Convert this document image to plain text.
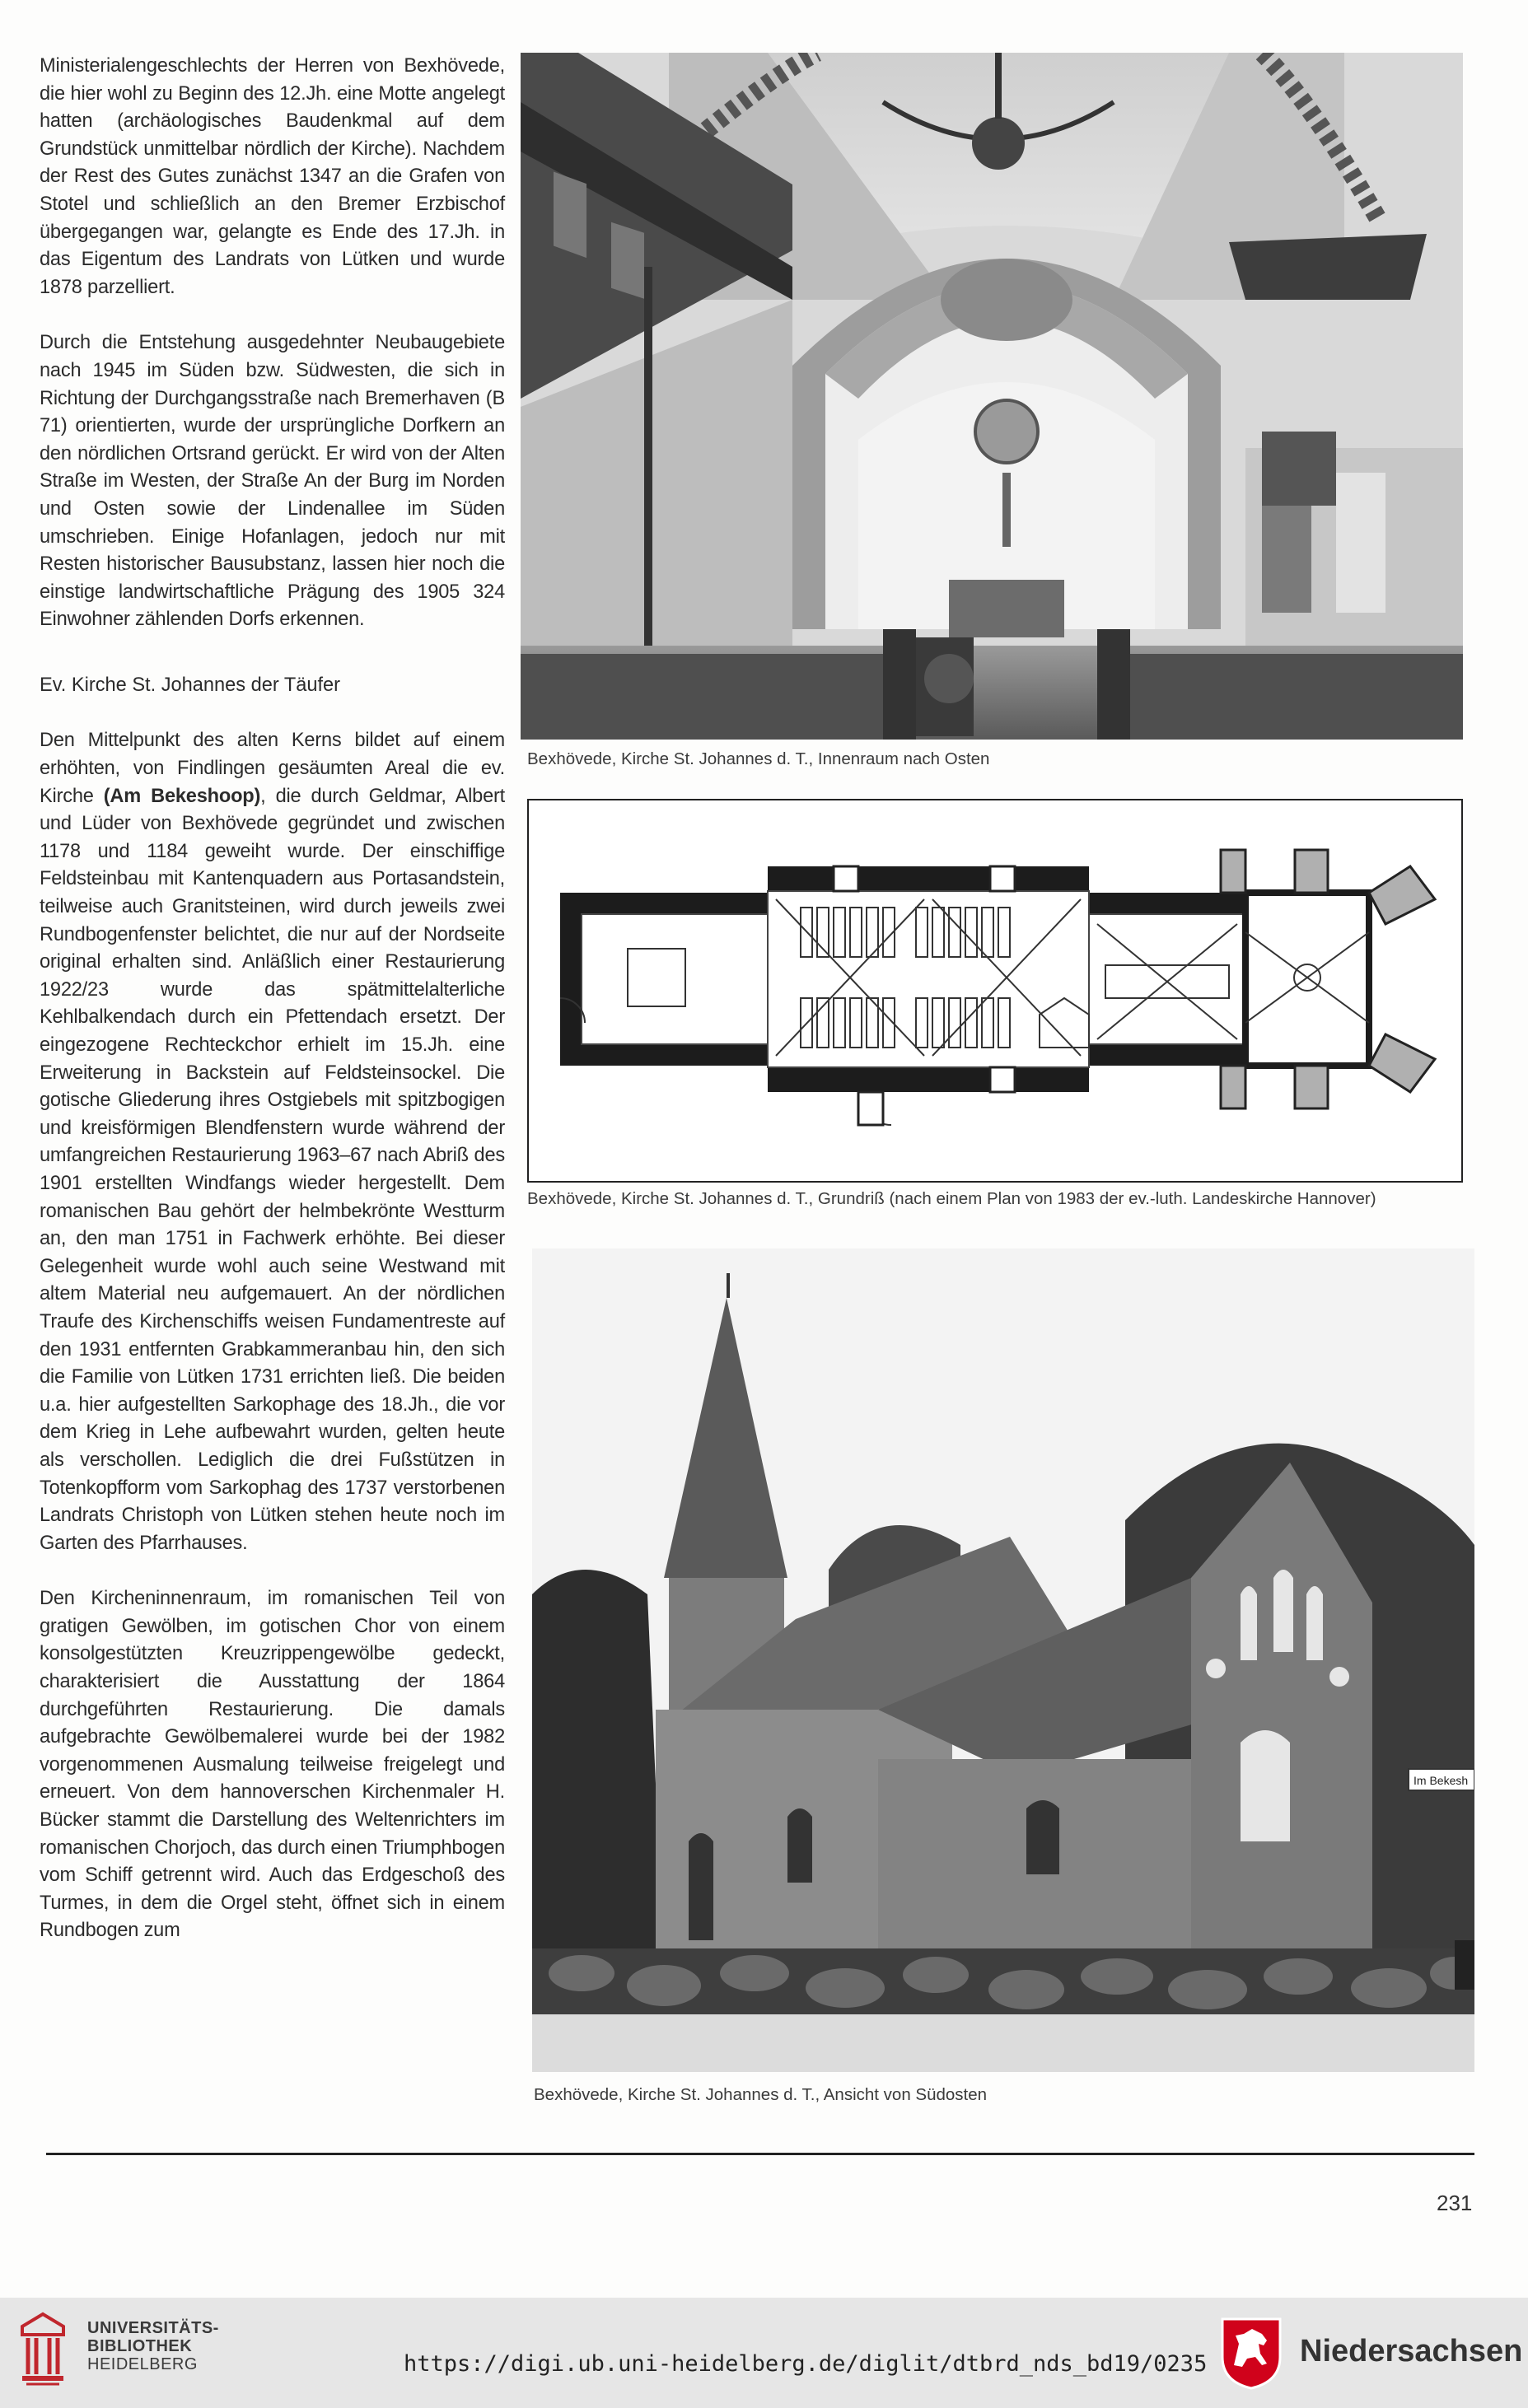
Ministerialengeschlechts der Herren von Bexhövede, die hier wohl zu Beginn des 12.Jh. eine Motte angelegt hatten (archäologisches Baudenkmal auf dem Grundstück unmittelbar nördlich der Kirche). Nachdem der Rest des Gutes zunächst 1347 an die Grafen von Stotel und schließlich an den Bremer Erzbischof übergegangen war, gelangte es Ende des 17.Jh. in das Eigentum des Landrats von Lütken und wurde 1878 parzelliert.

Durch die Entstehung ausgedehnter Neubaugebiete nach 1945 im Süden bzw. Südwesten, die sich in Richtung der Durchgangsstraße nach Bremerhaven (B 71) orientierten, wurde der ursprüngliche Dorfkern an den nördlichen Ortsrand gerückt. Er wird von der Alten Straße im Westen, der Straße An der Burg im Norden und Osten sowie der Lindenallee im Süden umschrieben. Einige Hofanlagen, jedoch nur mit Resten historischer Bausubstanz, lassen hier noch die einstige landwirtschaftliche Prägung des 1905 324 Einwohner zählenden Dorfs erkennen.

Ev. Kirche St. Johannes der Täufer

Den Mittelpunkt des alten Kerns bildet auf einem erhöhten, von Findlingen gesäumten Areal die ev. Kirche (Am Bekeshoop), die durch Geldmar, Albert und Lüder von Bexhövede gegründet und zwischen 1178 und 1184 geweiht wurde. Der einschiffige Feldsteinbau mit Kantenquadern aus Portasandstein, teilweise auch Granitsteinen, wird durch jeweils zwei Rundbogenfenster belichtet, die nur auf der Nordseite original erhalten sind. Anläßlich einer Restaurierung 1922/23 wurde das spätmittelalterliche Kehlbalkendach durch ein Pfettendach ersetzt. Der eingezogene Rechteckchor erhielt im 15.Jh. eine Erweiterung in Backstein auf Feldsteinsockel. Die gotische Gliederung ihres Ostgiebels mit spitzbogigen und kreisförmigen Blendfenstern wurde während der umfangreichen Restaurierung 1963–67 nach Abriß des 1901 erstellten Windfangs wieder hergestellt. Dem romanischen Bau gehört der helmbekrönte Westturm an, den man 1751 in Fachwerk erhöhte. Bei dieser Gelegenheit wurde wohl auch seine Westwand mit altem Material neu aufgemauert. An der nördlichen Traufe des Kirchenschiffs weisen Fundamentreste auf den 1931 entfernten Grabkammeranbau hin, den sich die Familie von Lütken 1731 errichten ließ. Die beiden u.a. hier aufgestellten Sarkophage des 18.Jh., die vor dem Krieg in Lehe aufbewahrt wurden, gelten heute als verschollen. Lediglich die drei Fußstützen in Totenkopfform vom Sarkophag des 1737 verstorbenen Landrats Christoph von Lütken stehen heute noch im Garten des Pfarrhauses.

Den Kircheninnenraum, im romanischen Teil von gratigen Gewölben, im gotischen Chor von einem konsolgestützten Kreuzrippengewölbe gedeckt, charakterisiert die Ausstattung der 1864 durchgeführten Restaurierung. Die damals aufgebrachte Gewölbemalerei wurde bei der 1982 vorgenommenen Ausmalung teilweise freigelegt und erneuert. Von dem hannoverschen Kirchenmaler H. Bücker stammt die Darstellung des Weltenrichters im romanischen Chorjoch, das durch einen Triumphbogen vom Schiff getrennt wird. Auch das Erdgeschoß des Turmes, in dem die Orgel steht, öffnet sich in einem Rundbogen zum

Bexhövede, Kirche St. Johannes d. T., Innenraum nach Osten
Bexhövede, Kirche St. Johannes d. T., Grundriß (nach einem Plan von 1983 der ev.-luth. Landeskirche Hannover)
Im Bekesh
Bexhövede, Kirche St. Johannes d. T., Ansicht von Südosten
231
UNIVERSITÄTS-
BIBLIOTHEK
HEIDELBERG	https://digi.ub.uni-heidelberg.de/diglit/dtbrd_nds_bd19/0235	Niedersachsen
